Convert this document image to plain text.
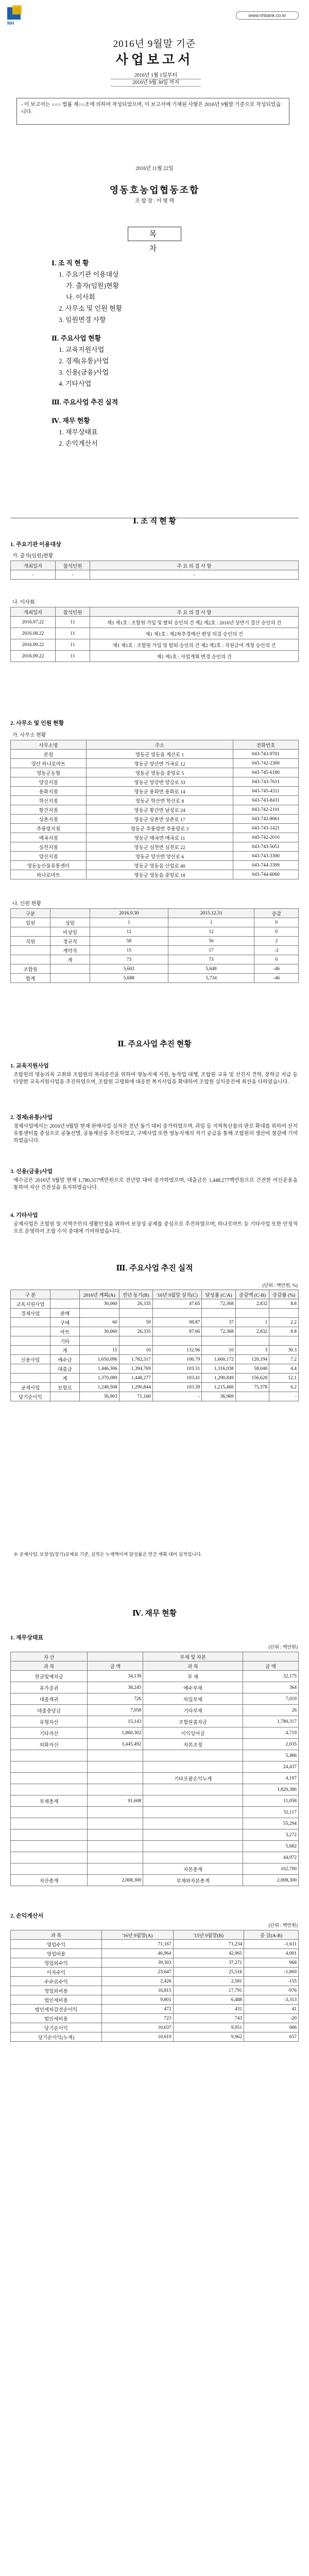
NH
www.nhbank.co.kr
2016년 9월말 기준
사업보고서
2016년 1월 1일부터
2016년 9월 30일 까지
- 이 보고서는 ○○○ 법률 제○○조에 의하여 작성되었으며, 이 보고서에 기재된 사항은 2016년 9월말 기준으로 작성되었습니다.
2016년 11월 22일
영동호농업협동조합
조 합 장 : 이 영 택
목 차
Ⅰ. 조 직 현 황
1. 주요기관 이용대상
가. 출자(임원)현황
나. 이사회
2. 사무소 및 인원 현황
3. 임원변경 사항
Ⅱ. 주요사업 현황
1. 교육지원사업
2. 경제(유통)사업
3. 신용(금융)사업
4. 기타사업
Ⅲ. 주요사업 추진 실적
Ⅳ. 재무 현황
1. 재무상태표
2. 손익계산서
Ⅰ. 조 직 현 황
1. 주요기관 이용대상
가. 출자(임원)현황
개최일자	참석인원	주 요 의 결 사 항
-	-	-
나. 이사회
개최일자	참석인원	주 요 의 결 사 항
2016.07.22	11	제1 제1호 : 조합원 가입 및 탈퇴 승인의 건 제2 제2호 : 2016년 상반기 결산 승인의 건
2016.08.22	11	제1 제1호 : 제2차추경예산 편성 의결 승인의 건
2016.09.22	11	제1 제1호 : 조합원 가입 및 탈퇴 승인의 건 제2 제2호 : 직원급여 개정 승인의 건
2016.09.22	11	제1 제1호 : 사업계획 변경 승인의 건
2. 사무소 및 인원 현황
가. 사무소 현황
사무소명	주소	전화번호
본점	영동군 영동읍 계산로 1	043-743-9701
양산 하나로마트	영동군 양산면 가곡로 12	043-742-2300
영동군농협	영동군 영동읍 중앙로 5	043-745-6180
양강지점	영동군 양강면 양강로 33	043-743-7611
용화지점	영동군 용화면 용화로 14	043-745-4311
학산지점	영동군 학산면 학산로 8	043-743-8431
황간지점	영동군 황간면 남성로 24	043-742-2101
상촌지점	영동군 상촌면 상촌로 17	043-742-8061
추풍령지점	영동군 추풍령면 추풍령로 3	043-743-1421
매곡지점	영동군 매곡면 매곡로 11	043-742-2010
심천지점	영동군 심천면 심천로 22	043-743-5051
양산지점	영동군 양산면 양산로 6	043-743-3300
영동농산물유통센터	영동군 영동읍 산업로 40	043-744-3399
하나로마트	영동군 영동읍 중앙로 18	043-744-6060
나. 인원 현황
구분		2016.9.30	2015.12.31	증감
임원	상임	1	1	0
	비상임	12	12	0
직원	정규직	58	56	2
	계약직	15	17	-2
	계	73	73	0
조합원		5,602	5,648	-46
합계		5,688	5,734	-46
Ⅱ. 주요사업 추진 현황
1. 교육지원사업
조합원의 영농의욕 고취와 조합원의 복리증진을 위하여 영농자재 지원, 농작업 대행, 조합원 교육 및 선진지 견학, 장학금 지급 등 다양한 교육지원사업을 추진하였으며, 조합원 고령화에 대응한 복지사업을 확대하여 조합원 실익증진에 최선을 다하였습니다.
2. 경제(유통)사업
경제사업에서는 2016년 9월말 현재 판매사업 실적은 전년 동기 대비 증가하였으며, 과일 등 지역특산물의 판로 확대를 위하여 산지유통센터를 중심으로 공동선별, 공동계산을 추진하였고, 구매사업 또한 영농자재의 적기 공급을 통해 조합원의 생산비 절감에 기여하였습니다.
3. 신용(금융)사업
예수금은 2016년 9월말 현재 1,780,317백만원으로 전년말 대비 증가하였으며, 대출금은 1,448,277백만원으로 건전한 여신운용을 통하여 자산 건전성을 유지하였습니다.
4. 기타사업
공제사업은 조합원 및 지역주민의 생활안정을 위하여 보장성 공제를 중심으로 추진하였으며, 하나로마트 등 기타사업 또한 안정적으로 운영하여 조합 수익 증대에 기여하였습니다.
Ⅲ. 주요사업 추진 실적
(단위 : 백만원, %)
구 분		2016년 계획(A)	전년 동기(B)	'16년 9월말 실적(C)	달성률 (C/A)	증감액 (C-B)	증감률 (%)
교육지원사업		30,060	26,335	47.65	72,368	2,832	8.8
경제사업	판매						
	구매	60	59	98.87	37	1	2.2
	마트	30,060	26,335	87.66	72,368	2,832	8.8
	기타						
	계	15	10	132.96	10	3	30.3
신용사업	예수금	1,650,096	1,782,317	106.79	1,660,172	120,194	7.2
	대출금	1,446,306	1,394,769	103.31	1,316,038	58,040	4.4
	계	1,370,089	1,448,277	103.41	1,290,849	156,628	12.1
공제사업	보험료	1,248,508	1,290,844	103.39	1,215,466	75,378	6.2
당기순이익		36,903	71,160	-	36,969		-
※ 공제사업: 보장성(장기)공제료 기준, 실적은 누계액이며 달성률은 연간 계획 대비 실적입니다.
Ⅳ. 재무 현황
1. 재무상태표
(단위 : 백만원)
자 산		부채 및 자본	
과 목	금 액	과 목	금 액
현금및예치금	34,139	부 채	32,175
유가증권	38,245	예수부채	364
대출채권	726	차입부채	7,019
대출충당금	7,058	기타부채	26
유형자산	15,143	조합원출자금	1,780,317
기타자산	1,860,302	이익잉여금	4,719
외화자산	3,445,492	자본조정	2,035
			5,466
			24,437
		기타포괄손익누계	4,197
			1,820,386
부채총계	91,608		11,058
			32,117
			55,294
			3,272
			5,682
			44,972
		자본총계	102,700
자산총계	2,008,300	부채와자본총계	2,008,300
2. 손익계산서
(단위 : 백만원)
과 목	'16년 9월말(A)	'15년 9월말(B)	증 감(A-B)
영업수익	71,167	71,234	-1,611
영업비용	46,964	42,965	4,001
영업외수익	39,303	37,271	968
이자수익	23,647	25,516	-1,869
수수료수익	2,426	2,581	-155
영업외비용	16,815	17,791	-976
법인세비용	9,801	6,488	-3,313
법인세차감전순이익	472	431	41
법인세비용	723	743	-20
당기순이익	10,637	9,951	686
당기순이익(누계)	10,619	9,962	657
